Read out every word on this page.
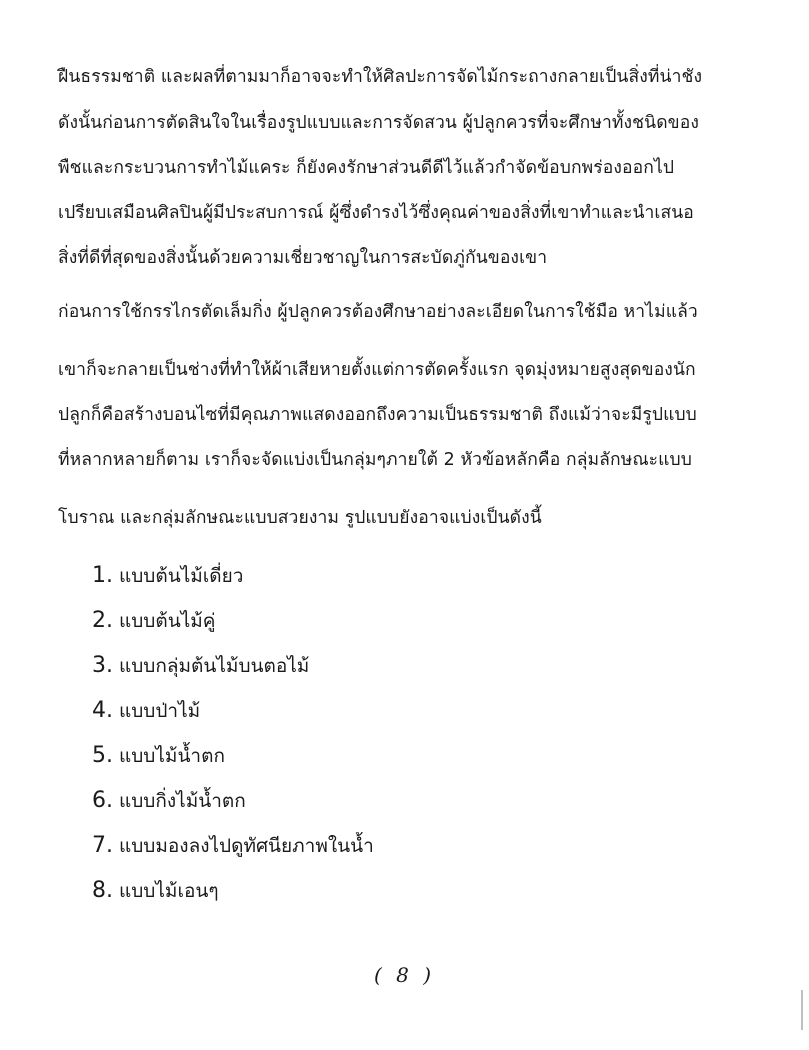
ฝืนธรรมชาติ และผลที่ตามมาก็อาจจะทำให้ศิลปะการจัดไม้กระถางกลายเป็นสิ่งที่น่าชัง
ดังนั้นก่อนการตัดสินใจในเรื่องรูปแบบและการจัดสวน ผู้ปลูกควรที่จะศึกษาทั้งชนิดของ
พืชและกระบวนการทำไม้แคระ ก็ยังคงรักษาส่วนดีดีไว้แล้วกำจัดข้อบกพร่องออกไป
เปรียบเสมือนศิลปินผู้มีประสบการณ์ ผู้ซึ่งดำรงไว้ซึ่งคุณค่าของสิ่งที่เขาทำและนำเสนอ
สิ่งที่ดีที่สุดของสิ่งนั้นด้วยความเชี่ยวชาญในการสะบัดภู่กันของเขา
ก่อนการใช้กรรไกรตัดเล็มกิ่ง ผู้ปลูกควรต้องศึกษาอย่างละเอียดในการใช้มือ หาไม่แล้ว
เขาก็จะกลายเป็นช่างที่ทำให้ผ้าเสียหายตั้งแต่การตัดครั้งแรก จุดมุ่งหมายสูงสุดของนัก
ปลูกก็คือสร้างบอนไซที่มีคุณภาพแสดงออกถึงความเป็นธรรมชาติ ถึงแม้ว่าจะมีรูปแบบ
ที่หลากหลายก็ตาม เราก็จะจัดแบ่งเป็นกลุ่มๆภายใต้ 2 หัวข้อหลักคือ กลุ่มลักษณะแบบ
โบราณ และกลุ่มลักษณะแบบสวยงาม รูปแบบยังอาจแบ่งเป็นดังนี้
1. แบบต้นไม้เดี่ยว
2. แบบต้นไม้คู่
3. แบบกลุ่มต้นไม้บนตอไม้
4. แบบป่าไม้
5. แบบไม้น้ำตก
6. แบบกิ่งไม้น้ำตก
7. แบบมองลงไปดูทัศนียภาพในน้ำ
8. แบบไม้เอนๆ
( 8 )
